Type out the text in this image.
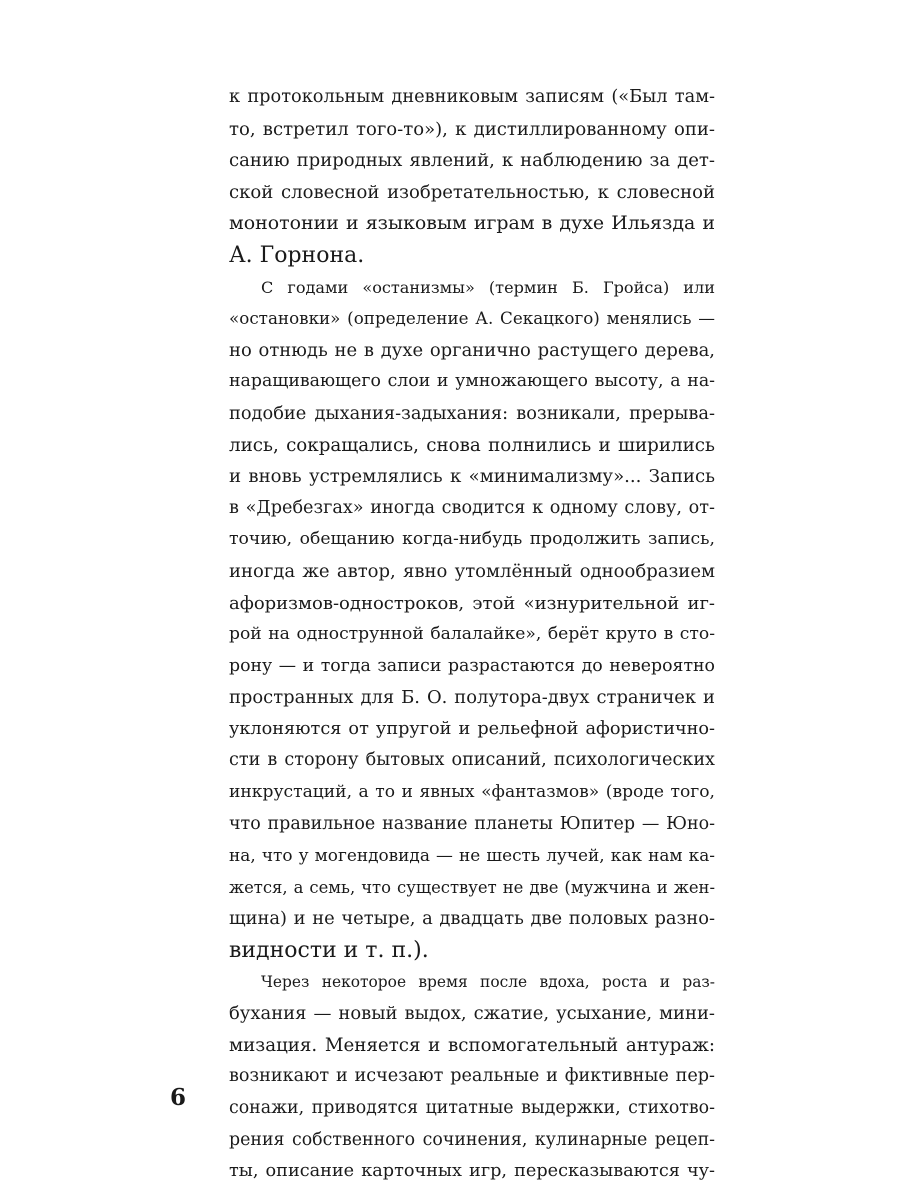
к протокольным дневниковым записям («Был там-
то, встретил того-то»), к дистиллированному опи-
санию природных явлений, к наблюдению за дет-
ской словесной изобретательностью, к словесной
монотонии и языковым играм в духе Ильязда и
А. Горнона.
С годами «останизмы» (термин Б. Гройса) или
«остановки» (определение А. Секацкого) менялись —
но отнюдь не в духе органично растущего дерева,
наращивающего слои и умножающего высоту, а на-
подобие дыхания-задыхания: возникали, прерыва-
лись, сокращались, снова полнились и ширились
и вновь устремлялись к «минимализму»... Запись
в «Дребезгах» иногда сводится к одному слову, от-
точию, обещанию когда-нибудь продолжить запись,
иногда же автор, явно утомлённый однообразием
афоризмов-однострок​ов, этой «изнурительной иг-
рой на однострунной балалайке», берёт круто в сто-
рону — и тогда записи разрастаются до невероятно
пространных для Б. О. полутора-двух страничек и
уклоняются от упругой и рельефной афористично-
сти в сторону бытовых описаний, психологических
инкрустаций, а то и явных «фантазмов» (вроде того,
что правильное название планеты Юпитер — Юно-
на, что у могендовида — не шесть лучей, как нам ка-
жется, а семь, что существует не две (мужчина и жен-
щина) и не четыре, а двадцать две половых разно-
видности и т. п.).
Через некоторое время после вдоха, роста и раз-
бухания — новый выдох, сжатие, усыхание, мини-
мизация. Меняется и вспомогательный антураж:
возникают и исчезают реальные и фиктивные пер-
сонажи, приводятся цитатные выдержки, стихотво-
рения собственного сочинения, кулинарные рецеп-
ты, описание карточных игр, пересказываются чу-
6
